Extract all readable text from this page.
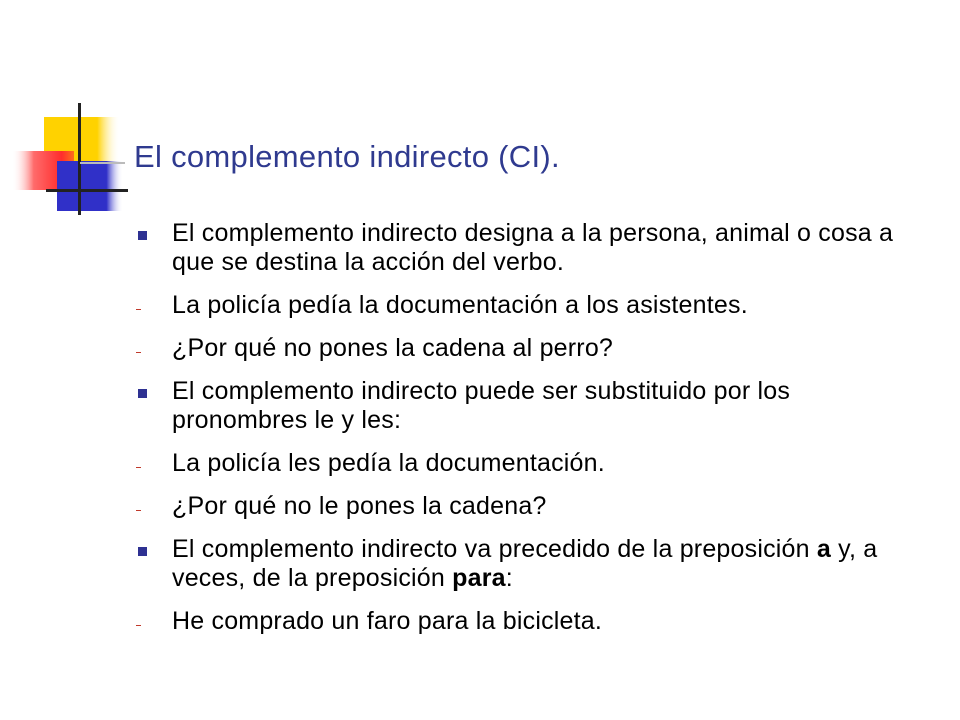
El complemento indirecto (CI).
El complemento indirecto designa a la persona, animal o cosa a que se destina la acción del verbo.
La policía pedía la documentación a los asistentes.
¿Por qué no pones la cadena al perro?
El complemento indirecto puede ser substituido por los pronombres le y les:
La policía les pedía la documentación.
¿Por qué no le pones la cadena?
El complemento indirecto va precedido de la preposición a y, a veces, de la preposición para:
He comprado un faro para la bicicleta.
